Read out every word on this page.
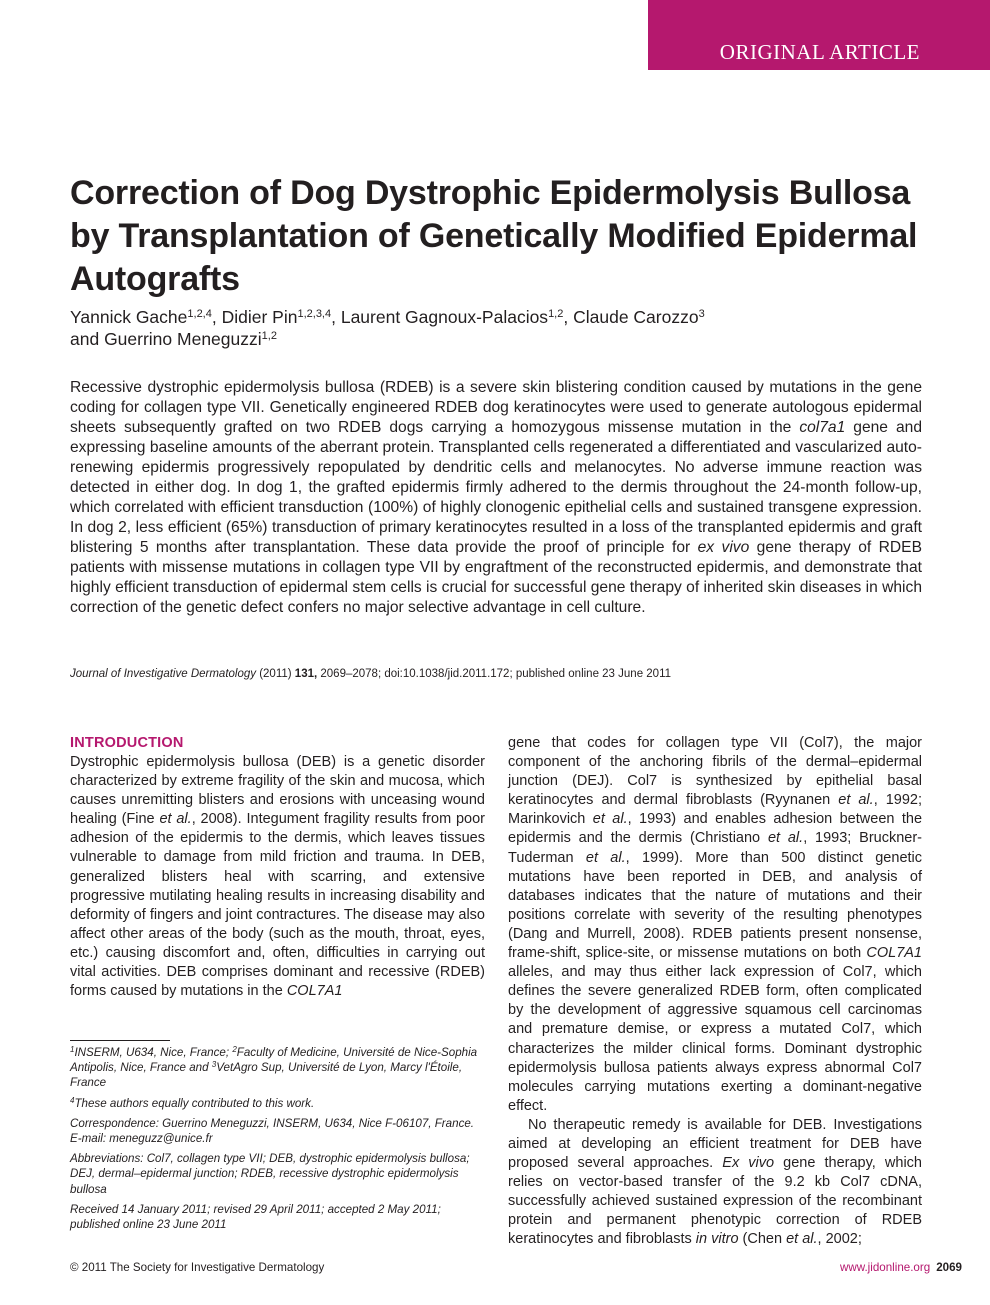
ORIGINAL ARTICLE
Correction of Dog Dystrophic Epidermolysis Bullosa by Transplantation of Genetically Modified Epidermal Autografts
Yannick Gache$^{1,2,4}$, Didier Pin$^{1,2,3,4}$, Laurent Gagnoux-Palacios$^{1,2}$, Claude Carozzo$^3$
and Guerrino Meneguzzi$^{1,2}$

Recessive dystrophic epidermolysis bullosa (RDEB) is a severe skin blistering condition caused by mutations in the gene coding for collagen type VII. Genetically engineered RDEB dog keratinocytes were used to generate autologous epidermal sheets subsequently grafted on two RDEB dogs carrying a homozygous missense mutation in the col7a1 gene and expressing baseline amounts of the aberrant protein. Transplanted cells regenerated a differentiated and vascularized auto-renewing epidermis progressively repopulated by dendritic cells and melanocytes. No adverse immune reaction was detected in either dog. In dog 1, the grafted epidermis firmly adhered to the dermis throughout the 24-month follow-up, which correlated with efficient transduction (100%) of highly clonogenic epithelial cells and sustained transgene expression. In dog 2, less efficient (65%) transduction of primary keratinocytes resulted in a loss of the transplanted epidermis and graft blistering 5 months after transplantation. These data provide the proof of principle for ex vivo gene therapy of RDEB patients with missense mutations in collagen type VII by engraftment of the reconstructed epidermis, and demonstrate that highly efficient transduction of epidermal stem cells is crucial for successful gene therapy of inherited skin diseases in which correction of the genetic defect confers no major selective advantage in cell culture.

Journal of Investigative Dermatology (2011) 131, 2069–2078; doi:10.1038/jid.2011.172; published online 23 June 2011
INTRODUCTION

Dystrophic epidermolysis bullosa (DEB) is a genetic disorder characterized by extreme fragility of the skin and mucosa, which causes unremitting blisters and erosions with unceasing wound healing (Fine et al., 2008). Integument fragility results from poor adhesion of the epidermis to the dermis, which leaves tissues vulnerable to damage from mild friction and trauma. In DEB, generalized blisters heal with scarring, and extensive progressive mutilating healing results in increasing disability and deformity of fingers and joint contractures. The disease may also affect other areas of the body (such as the mouth, throat, eyes, etc.) causing discomfort and, often, difficulties in carrying out vital activities. DEB comprises dominant and recessive (RDEB) forms caused by mutations in the COL7A1

$^1$INSERM, U634, Nice, France; $^2$Faculty of Medicine, Université de Nice-Sophia Antipolis, Nice, France and $^3$VetAgro Sup, Université de Lyon, Marcy l'Étoile, France

$^4$These authors equally contributed to this work.

Correspondence: Guerrino Meneguzzi, INSERM, U634, Nice F-06107, France. E-mail: meneguzz@unice.fr

Abbreviations: Col7, collagen type VII; DEB, dystrophic epidermolysis bullosa; DEJ, dermal–epidermal junction; RDEB, recessive dystrophic epidermolysis bullosa

Received 14 January 2011; revised 29 April 2011; accepted 2 May 2011; published online 23 June 2011

gene that codes for collagen type VII (Col7), the major component of the anchoring fibrils of the dermal–epidermal junction (DEJ). Col7 is synthesized by epithelial basal keratinocytes and dermal fibroblasts (Ryynanen et al., 1992; Marinkovich et al., 1993) and enables adhesion between the epidermis and the dermis (Christiano et al., 1993; Bruckner-Tuderman et al., 1999). More than 500 distinct genetic mutations have been reported in DEB, and analysis of databases indicates that the nature of mutations and their positions correlate with severity of the resulting phenotypes (Dang and Murrell, 2008). RDEB patients present nonsense, frame-shift, splice-site, or missense mutations on both COL7A1 alleles, and may thus either lack expression of Col7, which defines the severe generalized RDEB form, often complicated by the development of aggressive squamous cell carcinomas and premature demise, or express a mutated Col7, which characterizes the milder clinical forms. Dominant dystrophic epidermolysis bullosa patients always express abnormal Col7 molecules carrying mutations exerting a dominant-negative effect.

No therapeutic remedy is available for DEB. Investigations aimed at developing an efficient treatment for DEB have proposed several approaches. Ex vivo gene therapy, which relies on vector-based transfer of the 9.2 kb Col7 cDNA, successfully achieved sustained expression of the recombinant protein and permanent phenotypic correction of RDEB keratinocytes and fibroblasts in vitro (Chen et al., 2002;

© 2011 The Society for Investigative Dermatology	www.jidonline.org 2069
